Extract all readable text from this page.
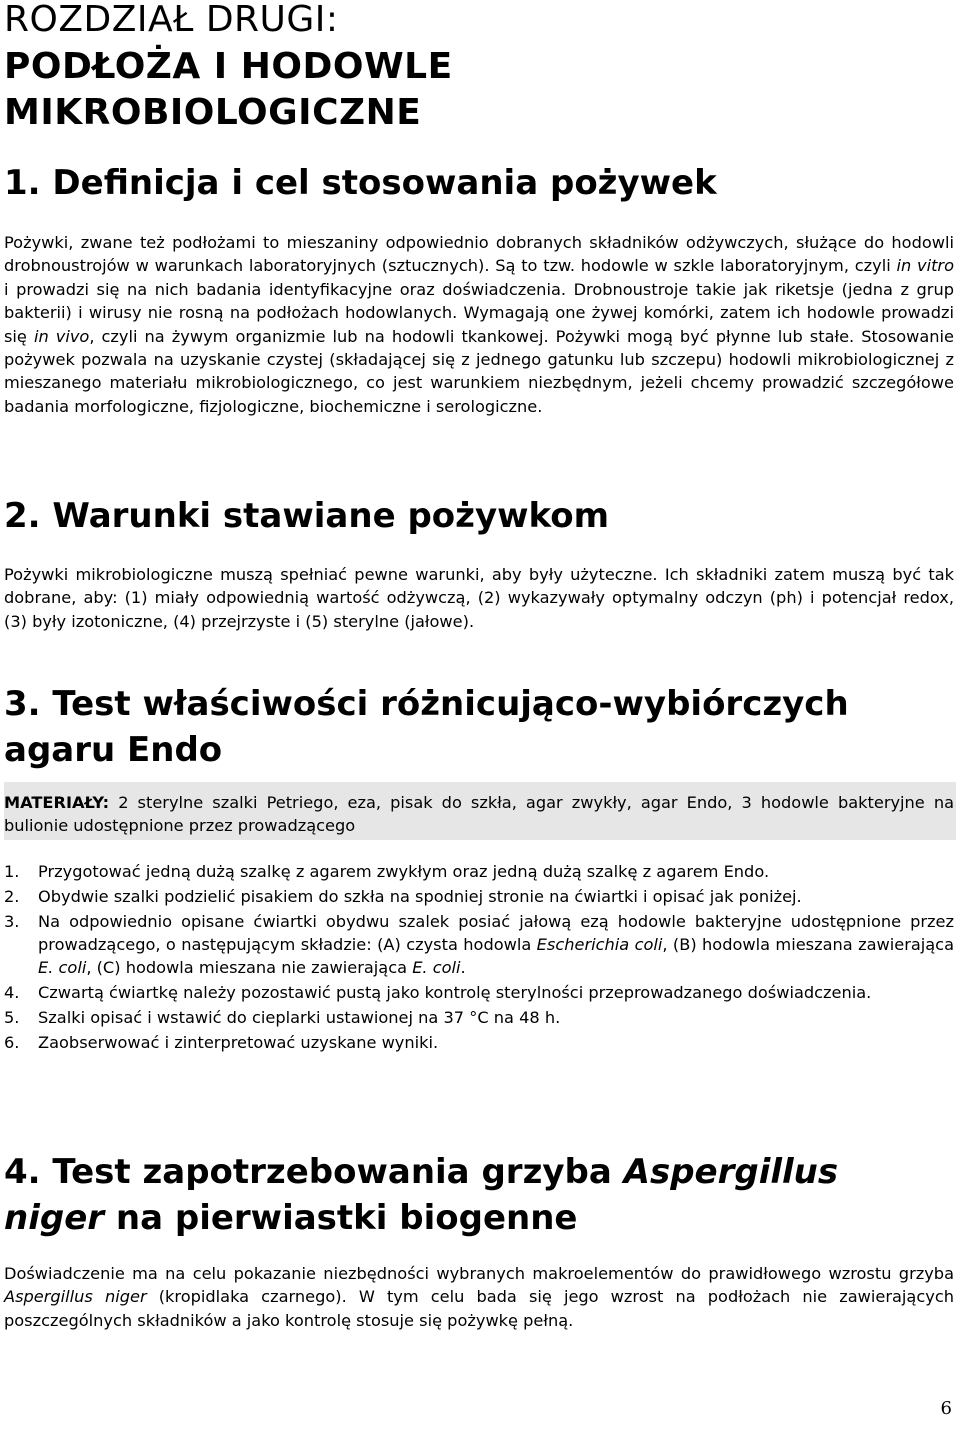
ROZDZIAŁ DRUGI:
PODŁOŻA I HODOWLE MIKROBIOLOGICZNE
1. Definicja i cel stosowania pożywek

Pożywki, zwane też podłożami to mieszaniny odpowiednio dobranych składników odżywczych, służące do hodowli drobnoustrojów w warunkach laboratoryjnych (sztucznych). Są to tzw. hodowle w szkle laboratoryjnym, czyli in vitro i prowadzi się na nich badania identyfikacyjne oraz doświadczenia. Drobnoustroje takie jak riketsje (jedna z grup bakterii) i wirusy nie rosną na podłożach hodowlanych. Wymagają one żywej komórki, zatem ich hodowle prowadzi się in vivo, czyli na żywym organizmie lub na hodowli tkankowej. Pożywki mogą być płynne lub stałe. Stosowanie pożywek pozwala na uzyskanie czystej (składającej się z jednego gatunku lub szczepu) hodowli mikrobiologicznej z mieszanego materiału mikrobiologicznego, co jest warunkiem niezbędnym, jeżeli chcemy prowadzić szczegółowe badania morfologiczne, fizjologiczne, biochemiczne i serologiczne.

2. Warunki stawiane pożywkom

Pożywki mikrobiologiczne muszą spełniać pewne warunki, aby były użyteczne. Ich składniki zatem muszą być tak dobrane, aby: (1) miały odpowiednią wartość odżywczą, (2) wykazywały optymalny odczyn (ph) i potencjał redox, (3) były izotoniczne, (4) przejrzyste i (5) sterylne (jałowe).

3. Test właściwości różnicująco-wybiórczych agaru Endo

MATERIAŁY: 2 sterylne szalki Petriego, eza, pisak do szkła, agar zwykły, agar Endo, 3 hodowle bakteryjne na bulionie udostępnione przez prowadzącego

1. Przygotować jedną dużą szalkę z agarem zwykłym oraz jedną dużą szalkę z agarem Endo.
2. Obydwie szalki podzielić pisakiem do szkła na spodniej stronie na ćwiartki i opisać jak poniżej.
3. Na odpowiednio opisane ćwiartki obydwu szalek posiać jałową ezą hodowle bakteryjne udostępnione przez prowadzącego, o następującym składzie: (A) czysta hodowla Escherichia coli, (B) hodowla mieszana zawierająca E. coli, (C) hodowla mieszana nie zawierająca E. coli.
4. Czwartą ćwiartkę należy pozostawić pustą jako kontrolę sterylności przeprowadzanego doświadczenia.
5. Szalki opisać i wstawić do cieplarki ustawionej na 37 °C na 48 h.
6. Zaobserwować i zinterpretować uzyskane wyniki.
4. Test zapotrzebowania grzyba Aspergillus niger na pierwiastki biogenne

Doświadczenie ma na celu pokazanie niezbędności wybranych makroelementów do prawidłowego wzrostu grzyba Aspergillus niger (kropidlaka czarnego). W tym celu bada się jego wzrost na podłożach nie zawierających poszczególnych składników a jako kontrolę stosuje się pożywkę pełną.

6
